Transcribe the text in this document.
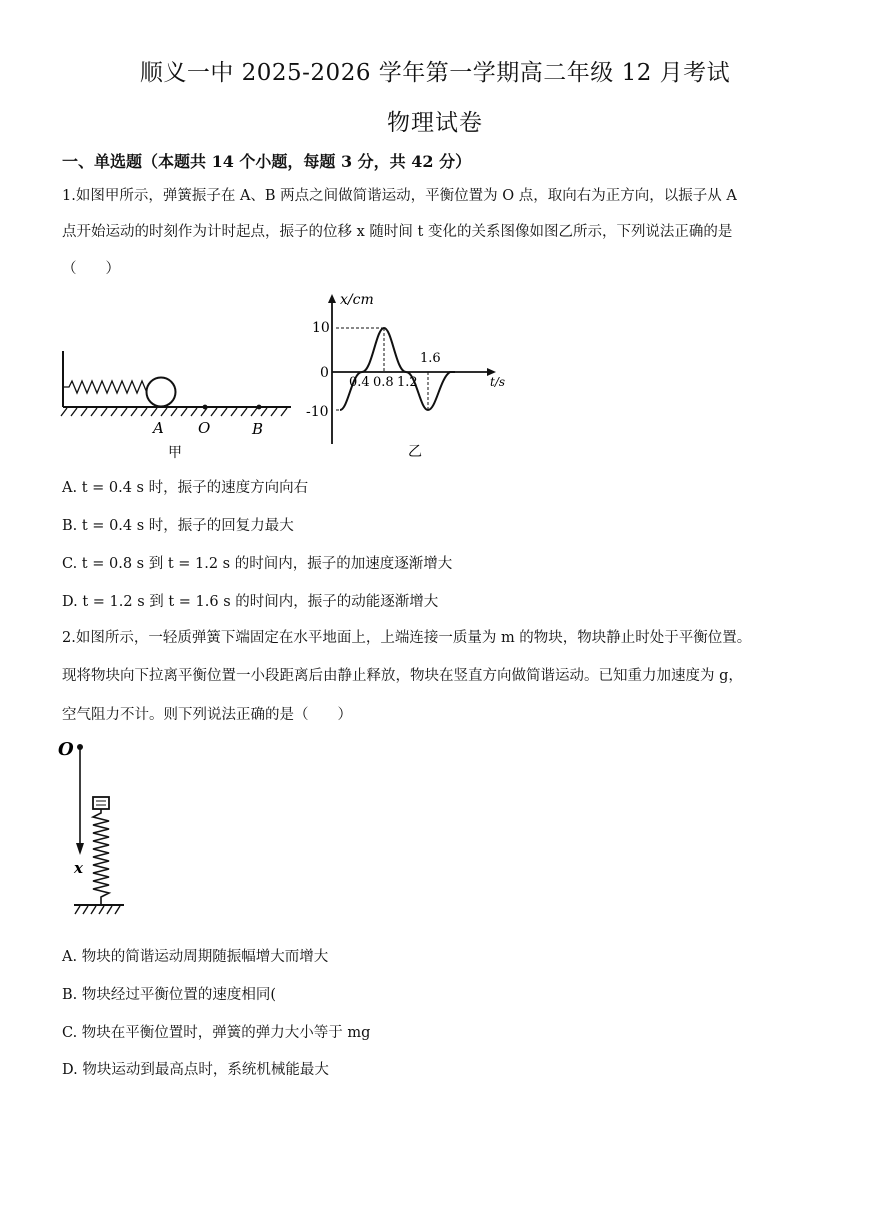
顺义一中 2025-2026 学年第一学期高二年级 12 月考试
物理试卷
一、单选题（本题共 14 个小题，每题 3 分，共 42 分）
1.如图甲所示，弹簧振子在 A、B 两点之间做简谐运动，平衡位置为 O 点，取向右为正方向，以振子从 A
点开始运动的时刻作为计时起点，振子的位移 x 随时间 t 变化的关系图像如图乙所示，下列说法正确的是
（　　）
A O	B
甲
x/cm
t/s
10
0
-10
0.4 0.8 1.2
1.6
乙
A. t = 0.4 s 时，振子的速度方向向右
B. t = 0.4 s 时，振子的回复力最大
C. t = 0.8 s 到 t = 1.2 s 的时间内，振子的加速度逐渐增大
D. t = 1.2 s 到 t = 1.6 s 的时间内，振子的动能逐渐增大
2.如图所示，一轻质弹簧下端固定在水平地面上，上端连接一质量为 m 的物块，物块静止时处于平衡位置。
现将物块向下拉离平衡位置一小段距离后由静止释放，物块在竖直方向做简谐运动。已知重力加速度为 g，
空气阻力不计。则下列说法正确的是（　　）
O
x
A. 物块的简谐运动周期随振幅增大而增大
B. 物块经过平衡位置的速度相同(
C. 物块在平衡位置时，弹簧的弹力大小等于 mg
D. 物块运动到最高点时，系统机械能最大
